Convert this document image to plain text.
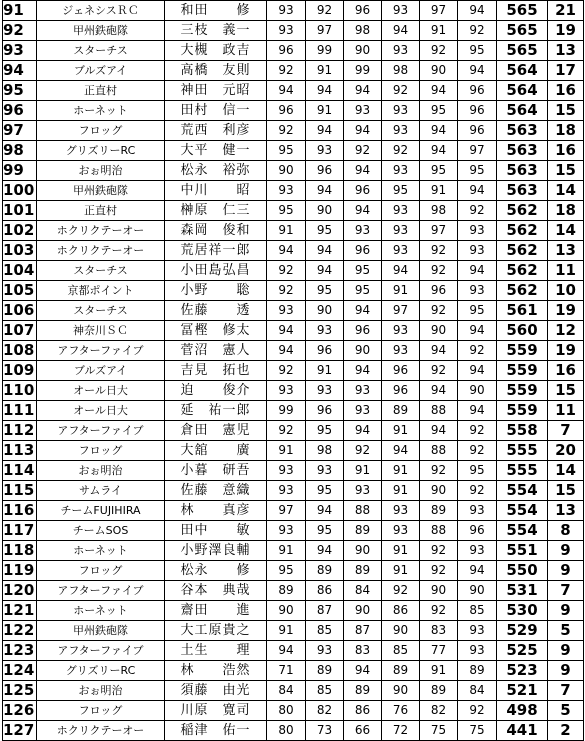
91	ジェネシスＲＣ	和田　　修	93	92	96	93	97	94	565	21
92	甲州鉄砲隊	三枝　義一	93	97	98	94	91	92	565	19
93	スターチス	大槻　政吉	96	99	90	93	92	95	565	13
94	ブルズアイ	高橋　友則	92	91	99	98	90	94	564	17
95	正直村	神田　元昭	94	94	94	92	94	96	564	16
96	ホーネット	田村　信一	96	91	93	93	95	96	564	15
97	フロッグ	荒西　利彦	92	94	94	93	94	96	563	18
98	グリズリーRC	大平　健一	95	93	92	92	94	97	563	16
99	おぉ明治	松永　裕弥	90	96	94	93	95	95	563	15
100	甲州鉄砲隊	中川　　昭	93	94	96	95	91	94	563	14
101	正直村	榊原　仁三	95	90	94	93	98	92	562	18
102	ホクリクテーオー	森岡　俊和	91	95	93	93	97	93	562	14
103	ホクリクテーオー	荒居祥一郎	94	94	96	93	92	93	562	13
104	スターチス	小田島弘昌	92	94	95	94	92	94	562	11
105	京都ポイント	小野　　聡	92	95	95	91	96	93	562	10
106	スターチス	佐藤　　透	93	90	94	97	92	95	561	19
107	神奈川ＳＣ	冨樫　修太	94	93	96	93	90	94	560	12
108	アフターファイブ	菅沼　憲人	94	96	90	93	94	92	559	19
109	ブルズアイ	吉見　拓也	92	91	94	96	92	94	559	16
110	オール日大	迫　　俊介	93	93	93	96	94	90	559	15
111	オール日大	延　祐一郎	99	96	93	89	88	94	559	11
112	アフターファイブ	倉田　憲児	92	95	94	91	94	92	558	7
113	フロッグ	大舘　　廣	91	98	92	94	88	92	555	20
114	おぉ明治	小暮　研吾	93	93	91	91	92	95	555	14
115	サムライ	佐藤　意織	93	95	93	91	90	92	554	15
116	チームFUJIHIRA	林　　真彦	97	94	88	93	89	93	554	13
117	チームSOS	田中　　敏	93	95	89	93	88	96	554	8
118	ホーネット	小野澤良輔	91	94	90	91	92	93	551	9
119	フロッグ	松永　　修	95	89	89	91	92	94	550	9
120	アフターファイブ	谷本　典哉	89	86	84	92	90	90	531	7
121	ホーネット	齋田　　進	90	87	90	86	92	85	530	9
122	甲州鉄砲隊	大工原貴之	91	85	87	90	83	93	529	5
123	アフターファイブ	土生　　理	94	93	83	85	77	93	525	9
124	グリズリーRC	林　　浩然	71	89	94	89	91	89	523	9
125	おぉ明治	須藤　由光	84	85	89	90	89	84	521	7
126	フロッグ	川原　寛司	80	82	86	76	82	92	498	5
127	ホクリクテーオー	稲津　佑一	80	73	66	72	75	75	441	2
